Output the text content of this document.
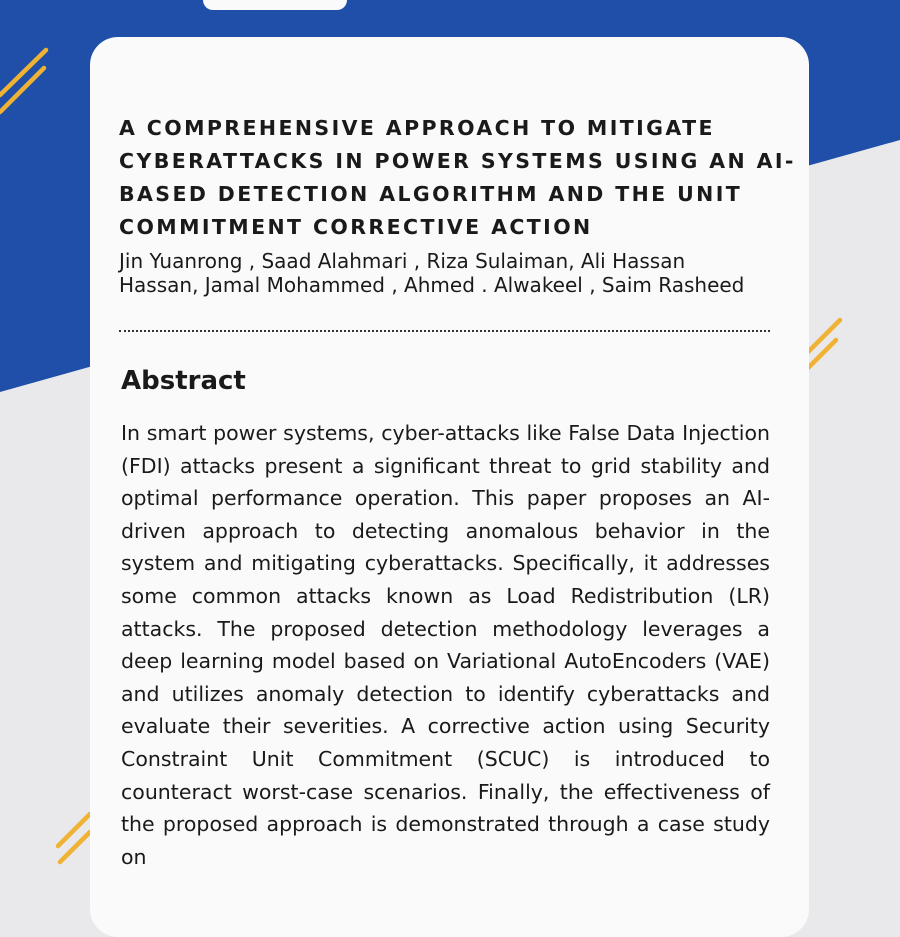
A COMPREHENSIVE APPROACH TO MITIGATE CYBERATTACKS IN POWER SYSTEMS USING AN AI-BASED DETECTION ALGORITHM AND THE UNIT COMMITMENT CORRECTIVE ACTION

Jin Yuanrong , Saad Alahmari , Riza Sulaiman, Ali Hassan Hassan, Jamal Mohammed , Ahmed . Alwakeel , Saim Rasheed

Abstract

In smart power systems, cyber-attacks like False Data Injection (FDI) attacks present a significant threat to grid stability and optimal performance operation. This paper proposes an AI-driven approach to detecting anomalous behavior in the system and mitigating cyberattacks. Specifically, it addresses some common attacks known as Load Redistribution (LR) attacks. The proposed detection methodology leverages a deep learning model based on Variational AutoEncoders (VAE) and utilizes anomaly detection to identify cyberattacks and evaluate their severities. A corrective action using Security Constraint Unit Commitment (SCUC) is introduced to counteract worst-case scenarios. Finally, the effectiveness of the proposed approach is demonstrated through a case study on
